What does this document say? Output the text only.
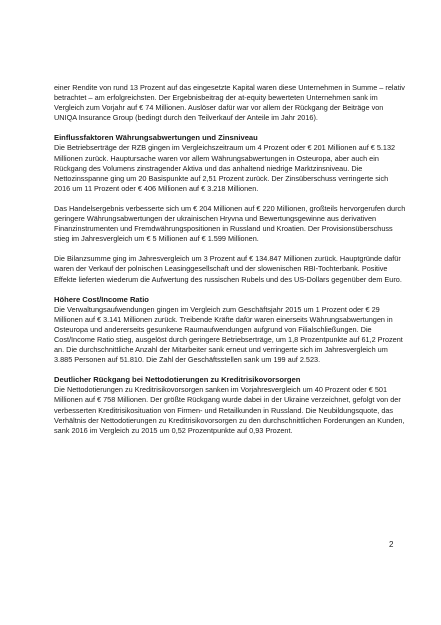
einer Rendite von rund 13 Prozent auf das eingesetzte Kapital waren diese Unternehmen in Summe – relativ betrachtet – am erfolgreichsten. Der Ergebnisbeitrag der at-equity bewerteten Unternehmen sank im Vergleich zum Vorjahr auf € 74 Millionen. Auslöser dafür war vor allem der Rückgang der Beiträge von UNIQA Insurance Group (bedingt durch den Teilverkauf der Anteile im Jahr 2016).

Einflussfaktoren Währungsabwertungen und Zinsniveau

Die Betriebserträge der RZB gingen im Vergleichszeitraum um 4 Prozent oder € 201 Millionen auf € 5.132 Millionen zurück. Hauptursache waren vor allem Währungsabwertungen in Osteuropa, aber auch ein Rückgang des Volumens zinstragender Aktiva und das anhaltend niedrige Marktzinsniveau. Die Nettozinsspanne ging um 20 Basispunkte auf 2,51 Prozent zurück. Der Zinsüberschuss verringerte sich 2016 um 11 Prozent oder € 406 Millionen auf € 3.218 Millionen.

Das Handelsergebnis verbesserte sich um € 204 Millionen auf € 220 Millionen, großteils hervorgerufen durch geringere Währungsabwertungen der ukrainischen Hryvna und Bewertungsgewinne aus derivativen Finanzinstrumenten und Fremdwährungspositionen in Russland und Kroatien. Der Provisionsüberschuss stieg im Jahresvergleich um € 5 Millionen auf € 1.599 Millionen.

Die Bilanzsumme ging im Jahresvergleich um 3 Prozent auf € 134.847 Millionen zurück. Hauptgründe dafür waren der Verkauf der polnischen Leasinggesellschaft und der slowenischen RBI-Tochterbank. Positive Effekte lieferten wiederum die Aufwertung des russischen Rubels und des US-Dollars gegenüber dem Euro.

Höhere Cost/Income Ratio

Die Verwaltungsaufwendungen gingen im Vergleich zum Geschäftsjahr 2015 um 1 Prozent oder € 29 Millionen auf € 3.141 Millionen zurück. Treibende Kräfte dafür waren einerseits Währungsabwertungen in Osteuropa und andererseits gesunkene Raumaufwendungen aufgrund von Filialschließungen. Die Cost/Income Ratio stieg, ausgelöst durch geringere Betriebserträge, um 1,8 Prozentpunkte auf 61,2 Prozent an. Die durchschnittliche Anzahl der Mitarbeiter sank erneut und verringerte sich im Jahresvergleich um 3.885 Personen auf 51.810. Die Zahl der Geschäftsstellen sank um 199 auf 2.523.

Deutlicher Rückgang bei Nettodotierungen zu Kreditrisikovorsorgen

Die Nettodotierungen zu Kreditrisikovorsorgen sanken im Vorjahresvergleich um 40 Prozent oder € 501 Millionen auf € 758 Millionen. Der größte Rückgang wurde dabei in der Ukraine verzeichnet, gefolgt von der verbesserten Kreditrisikosituation von Firmen- und Retailkunden in Russland. Die Neubildungsquote, das Verhältnis der Nettodotierungen zu Kreditrisikovorsorgen zu den durchschnittlichen Forderungen an Kunden, sank 2016 im Vergleich zu 2015 um 0,52 Prozentpunkte auf 0,93 Prozent.

2
